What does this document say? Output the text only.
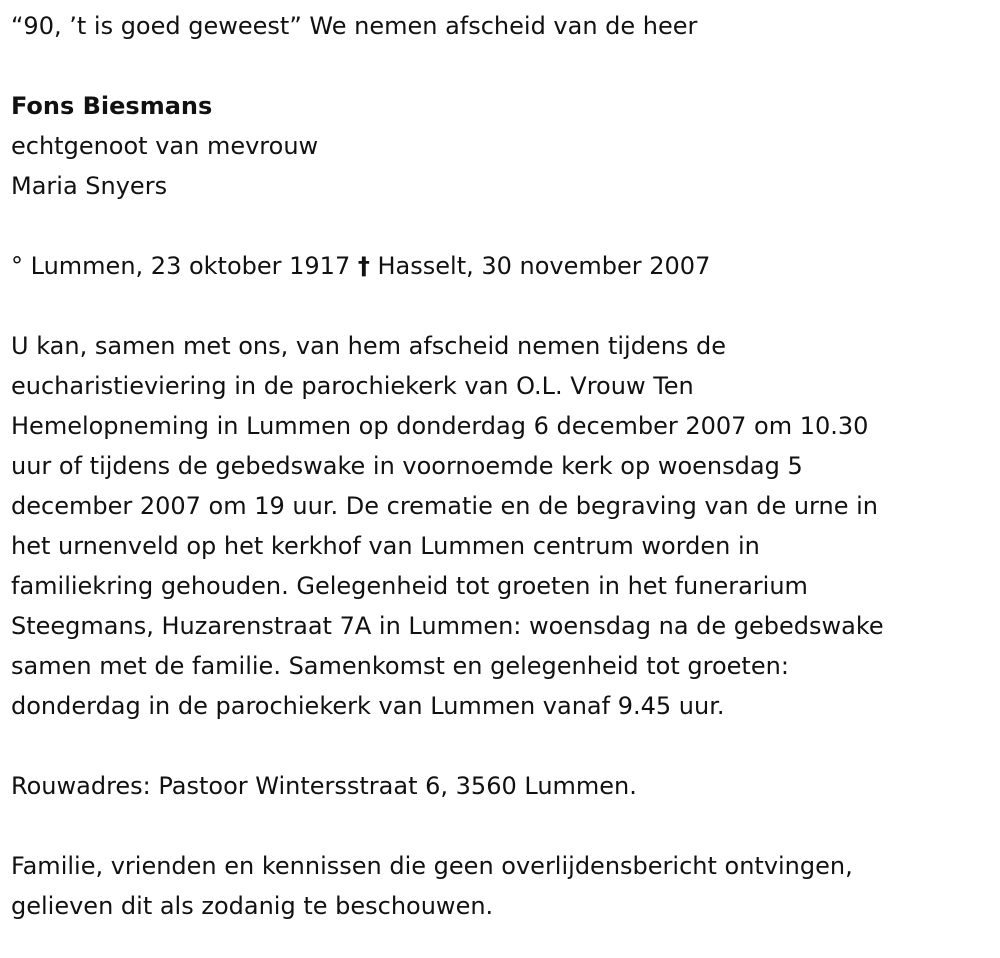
“90, ’t is goed geweest” We nemen afscheid van de heer

Fons Biesmans

echtgenoot van mevrouw

Maria Snyers

° Lummen, 23 oktober 1917 † Hasselt, 30 november 2007

U kan, samen met ons, van hem afscheid nemen tijdens de
eucharistieviering in de parochiekerk van O.L. Vrouw Ten
Hemelopneming in Lummen op donderdag 6 december 2007 om 10.30
uur of tijdens de gebedswake in voornoemde kerk op woensdag 5
december 2007 om 19 uur. De crematie en de begraving van de urne in
het urnenveld op het kerkhof van Lummen centrum worden in
familiekring gehouden. Gelegenheid tot groeten in het funerarium
Steegmans, Huzarenstraat 7A in Lummen: woensdag na de gebedswake
samen met de familie. Samenkomst en gelegenheid tot groeten:
donderdag in de parochiekerk van Lummen vanaf 9.45 uur.

Rouwadres: Pastoor Wintersstraat 6, 3560 Lummen.

Familie, vrienden en kennissen die geen overlijdensbericht ontvingen,
gelieven dit als zodanig te beschouwen.
